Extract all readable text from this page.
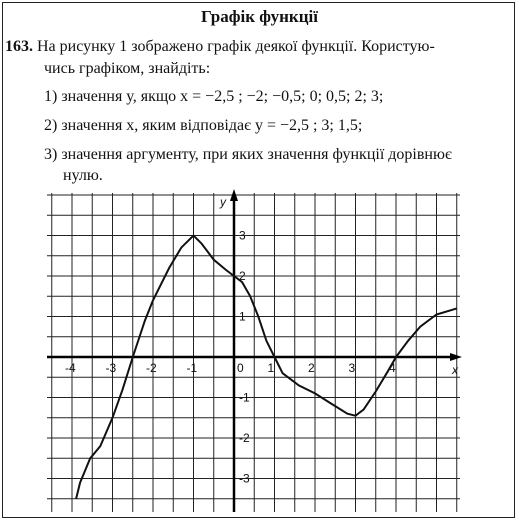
Графік функції
163. На рисунку 1 зображено графік деякої функції. Користую-
чись графіком, знайдіть:
1) значення у, якщо х = −2,5 ; −2; −0,5; 0; 0,5; 2; 3;
2) значення х, яким відповідає у = −2,5 ; 3; 1,5;
3) значення аргументу, при яких значення функції дорівнює
нулю.
-4 -3 -2 -1	0 1	2	3	4
3
2
1
-1
-2
-3
x
y
